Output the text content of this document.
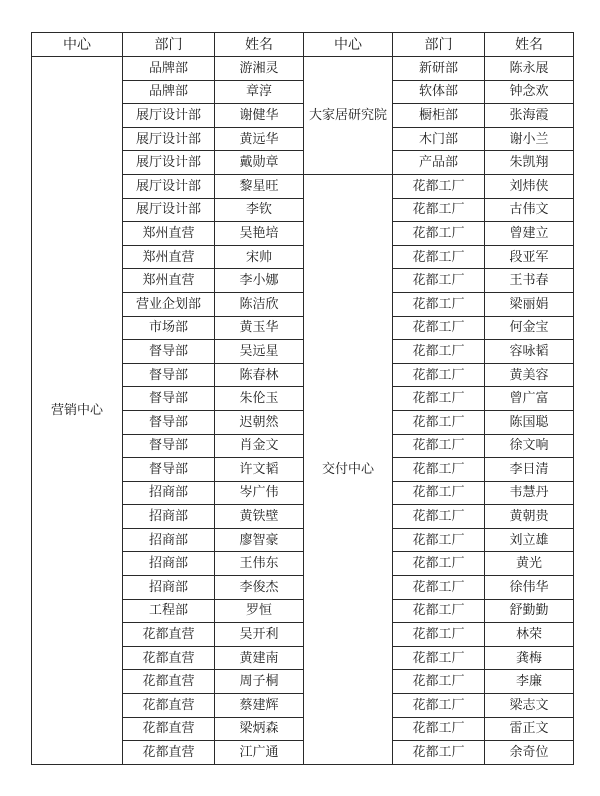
中心	部门	姓名	中心	部门	姓名
营销中心	品牌部	游湘灵	大家居研究院	新研部	陈永展
	品牌部	章淳		软体部	钟念欢
	展厅设计部	谢健华		橱柜部	张海霞
	展厅设计部	黄远华		木门部	谢小兰
	展厅设计部	戴勋章		产品部	朱凯翔
	展厅设计部	黎星旺	交付中心	花都工厂	刘炜侠
	展厅设计部	李钦		花都工厂	古伟文
	郑州直营	吴艳培		花都工厂	曾建立
	郑州直营	宋帅		花都工厂	段亚军
	郑州直营	李小娜		花都工厂	王书春
	营业企划部	陈洁欣		花都工厂	梁丽娟
	市场部	黄玉华		花都工厂	何金宝
	督导部	吴远星		花都工厂	容咏韬
	督导部	陈春林		花都工厂	黄美容
	督导部	朱伦玉		花都工厂	曾广富
	督导部	迟朝然		花都工厂	陈国聪
	督导部	肖金文		花都工厂	徐文响
	督导部	许文韬		花都工厂	李日清
	招商部	岑广伟		花都工厂	韦慧丹
	招商部	黄铁壁		花都工厂	黄朝贵
	招商部	廖智豪		花都工厂	刘立雄
	招商部	王伟东		花都工厂	黄光
	招商部	李俊杰		花都工厂	徐伟华
	工程部	罗恒		花都工厂	舒勤勤
	花都直营	吴开利		花都工厂	林荣
	花都直营	黄建南		花都工厂	龚梅
	花都直营	周子桐		花都工厂	李廉
	花都直营	蔡建辉		花都工厂	梁志文
	花都直营	梁炳森		花都工厂	雷正文
	花都直营	江广通		花都工厂	余奇位
